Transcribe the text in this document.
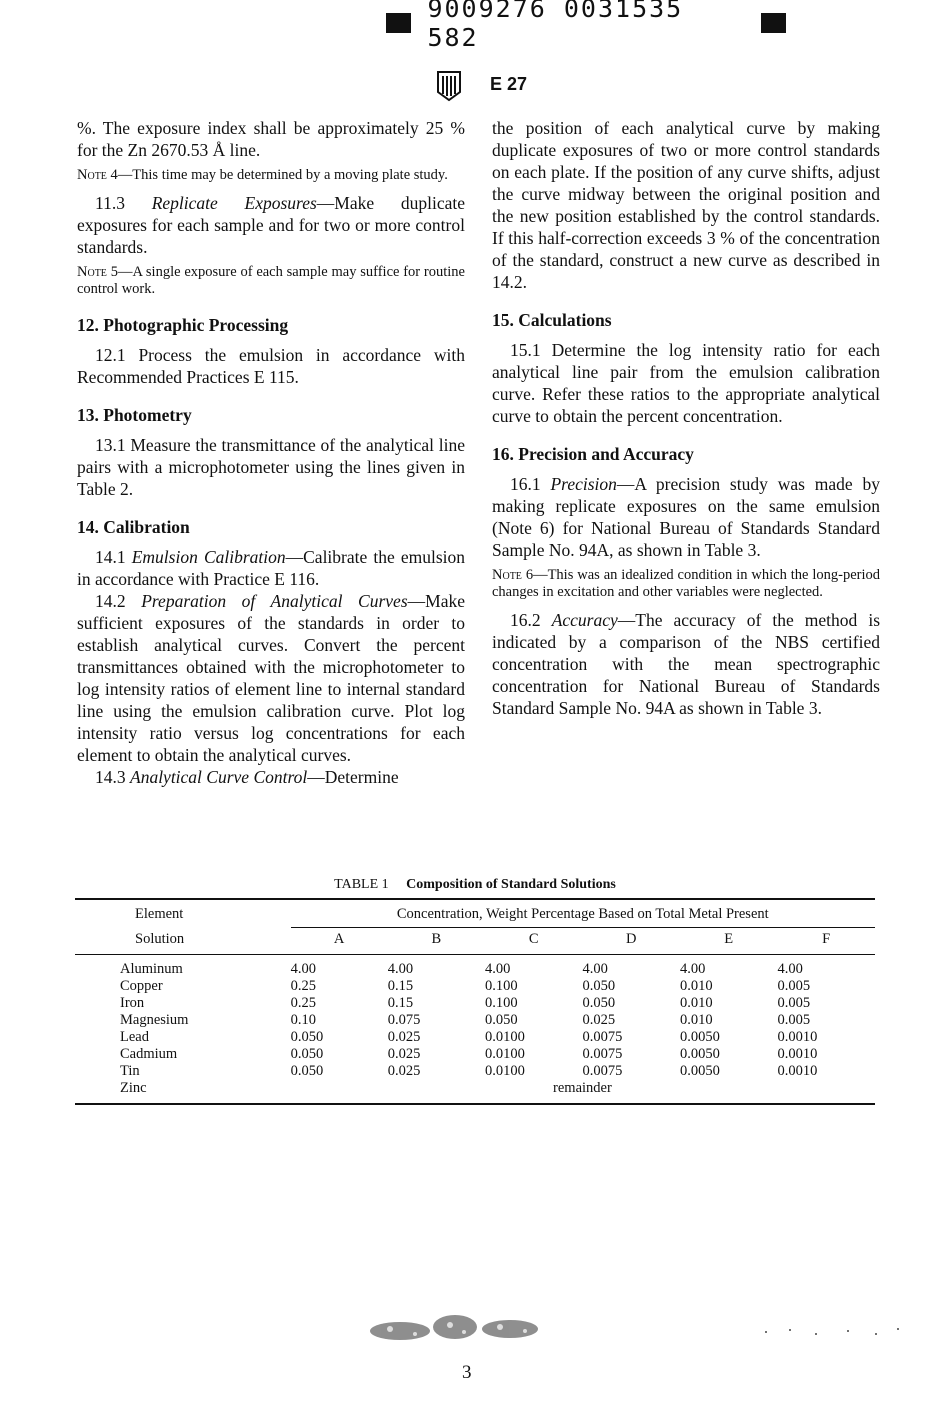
9009276 0031535 582
E 27

%. The exposure index shall be approximately 25 % for the Zn 2670.53 Å line.

Note 4—This time may be determined by a moving plate study.

11.3 Replicate Exposures—Make duplicate exposures for each sample and for two or more control standards.

Note 5—A single exposure of each sample may suffice for routine control work.

12. Photographic Processing

12.1 Process the emulsion in accordance with Recommended Practices E 115.

13. Photometry

13.1 Measure the transmittance of the analytical line pairs with a microphotometer using the lines given in Table 2.

14. Calibration

14.1 Emulsion Calibration—Calibrate the emulsion in accordance with Practice E 116.

14.2 Preparation of Analytical Curves—Make sufficient exposures of the standards in order to establish analytical curves. Convert the percent transmittances obtained with the microphotometer to log intensity ratios of element line to internal standard line using the emulsion calibration curve. Plot log intensity ratio versus log concentrations for each element to obtain the analytical curves.

14.3 Analytical Curve Control—Determine

the position of each analytical curve by making duplicate exposures of two or more control standards on each plate. If the position of any curve shifts, adjust the curve midway between the original position and the new position established by the control standards. If this half-correction exceeds 3 % of the concentration of the standard, construct a new curve as described in 14.2.

15. Calculations

15.1 Determine the log intensity ratio for each analytical line pair from the emulsion calibration curve. Refer these ratios to the appropriate analytical curve to obtain the percent concentration.

16. Precision and Accuracy

16.1 Precision—A precision study was made by making replicate exposures on the same emulsion (Note 6) for National Bureau of Standards Standard Sample No. 94A, as shown in Table 3.

Note 6—This was an idealized condition in which the long-period changes in excitation and other variables were neglected.

16.2 Accuracy—The accuracy of the method is indicated by a comparison of the NBS certified concentration with the mean spectrographic concentration for National Bureau of Standards Standard Sample No. 94A as shown in Table 3.

TABLE 1 Composition of Standard Solutions
Element	Concentration, Weight Percentage Based on Total Metal Present					
Solution	A	B	C	D	E	F
Aluminum	4.00	4.00	4.00	4.00	4.00	4.00
Copper	0.25	0.15	0.100	0.050	0.010	0.005
Iron	0.25	0.15	0.100	0.050	0.010	0.005
Magnesium	0.10	0.075	0.050	0.025	0.010	0.005
Lead	0.050	0.025	0.0100	0.0075	0.0050	0.0010
Cadmium	0.050	0.025	0.0100	0.0075	0.0050	0.0010
Tin	0.050	0.025	0.0100	0.0075	0.0050	0.0010
Zinc			remainder			
3
